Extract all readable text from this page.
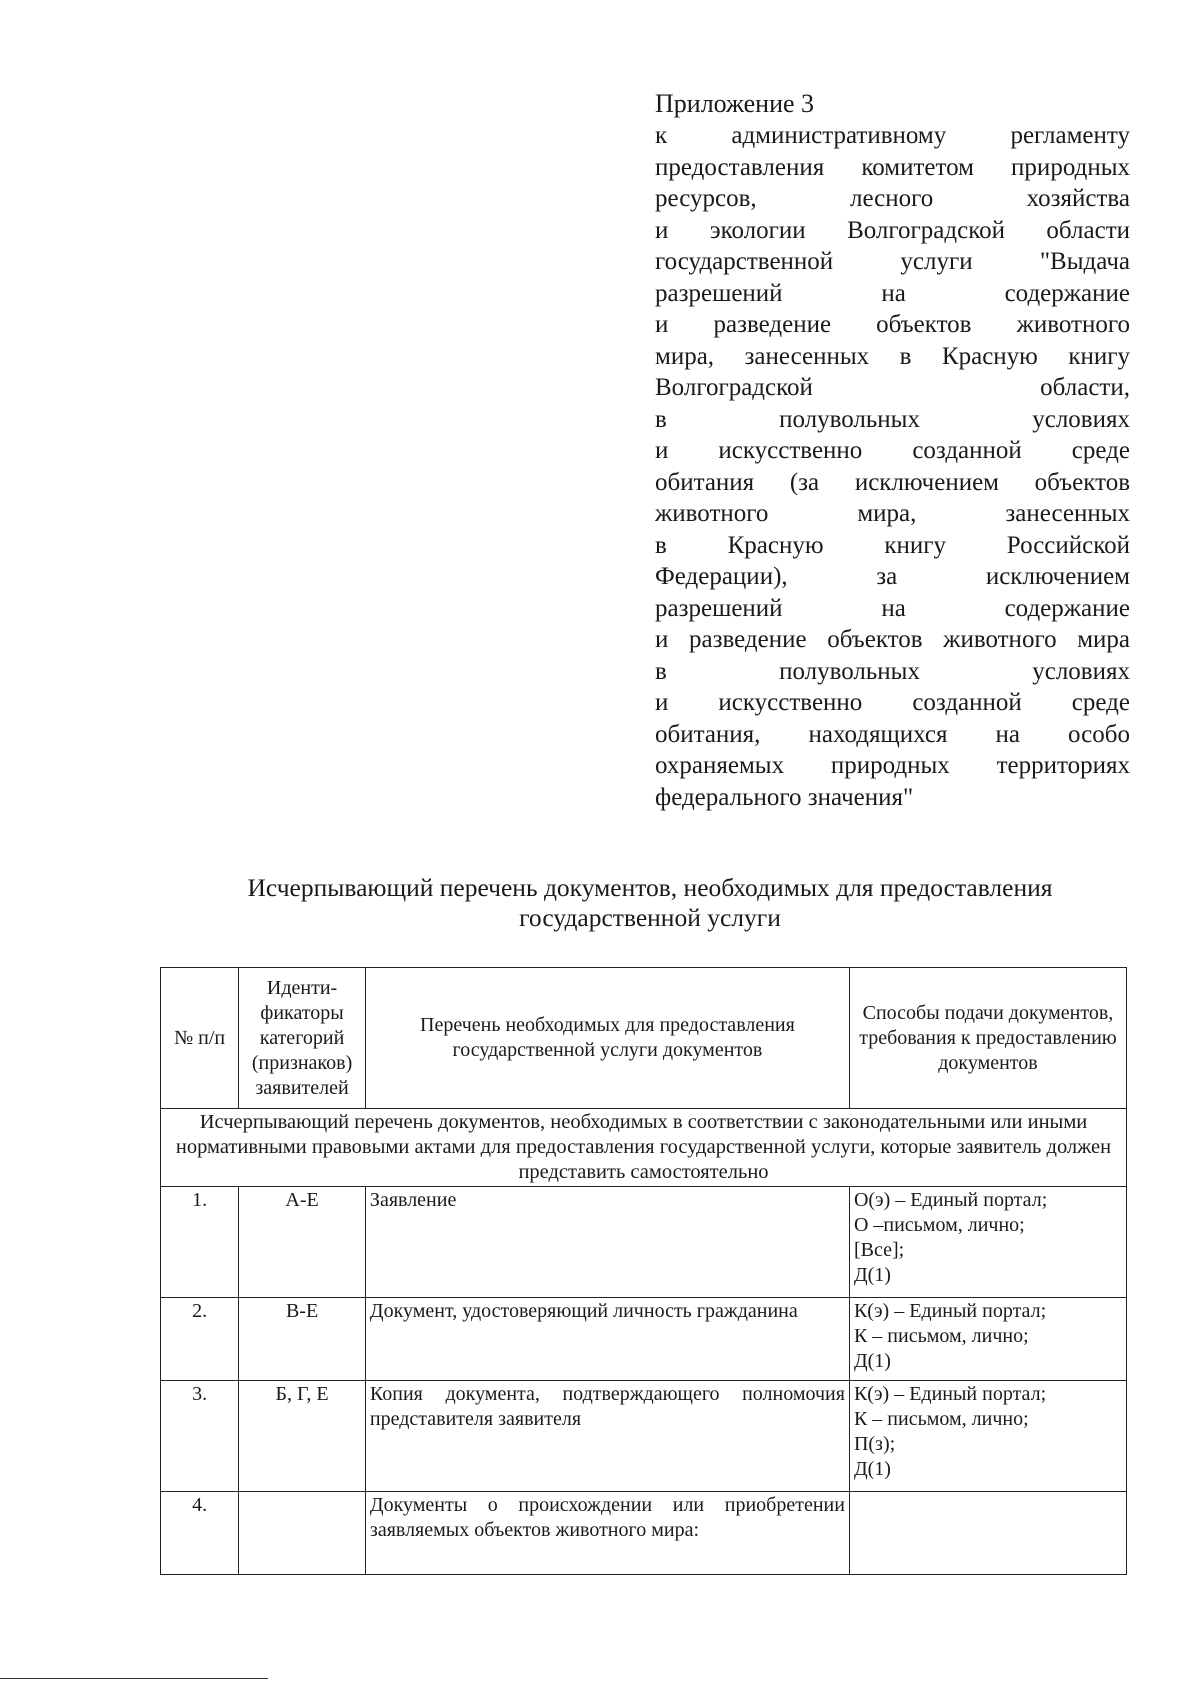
Приложение 3
к административному регламенту
предоставления комитетом природных
ресурсов, лесного хозяйства
и экологии Волгоградской области
государственной услуги "Выдача
разрешений на содержание
и разведение объектов животного
мира, занесенных в Красную книгу
Волгоградской области,
в полувольных условиях
и искусственно созданной среде
обитания (за исключением объектов
животного мира, занесенных
в Красную книгу Российской
Федерации), за исключением
разрешений на содержание
и разведение объектов животного мира
в полувольных условиях
и искусственно созданной среде
обитания, находящихся на особо
охраняемых природных территориях
федерального значения"
Исчерпывающий перечень документов, необходимых для предоставления
государственной услуги
№ п/п	Иденти-фикаторы категорий (признаков) заявителей	Перечень необходимых для предоставления государственной услуги документов	Способы подачи документов, требования к предоставлению документов
Исчерпывающий перечень документов, необходимых в соответствии с законодательными или иными нормативными правовыми актами для предоставления государственной услуги, которые заявитель должен представить самостоятельно			
1.	А-Е	Заявление	О(э) – Единый портал;
О –письмом, лично;
[Все];
Д(1)

2.	В-Е	Документ, удостоверяющий личность гражданина	К(э) – Единый портал;
К – письмом, лично;
Д(1)

3.	Б, Г, Е	Копия документа, подтверждающего полномочия представителя заявителя	К(э) – Единый портал;
К – письмом, лично;
П(з);
Д(1)

4.		Документы о происхождении или приобретении заявляемых объектов животного мира:	
